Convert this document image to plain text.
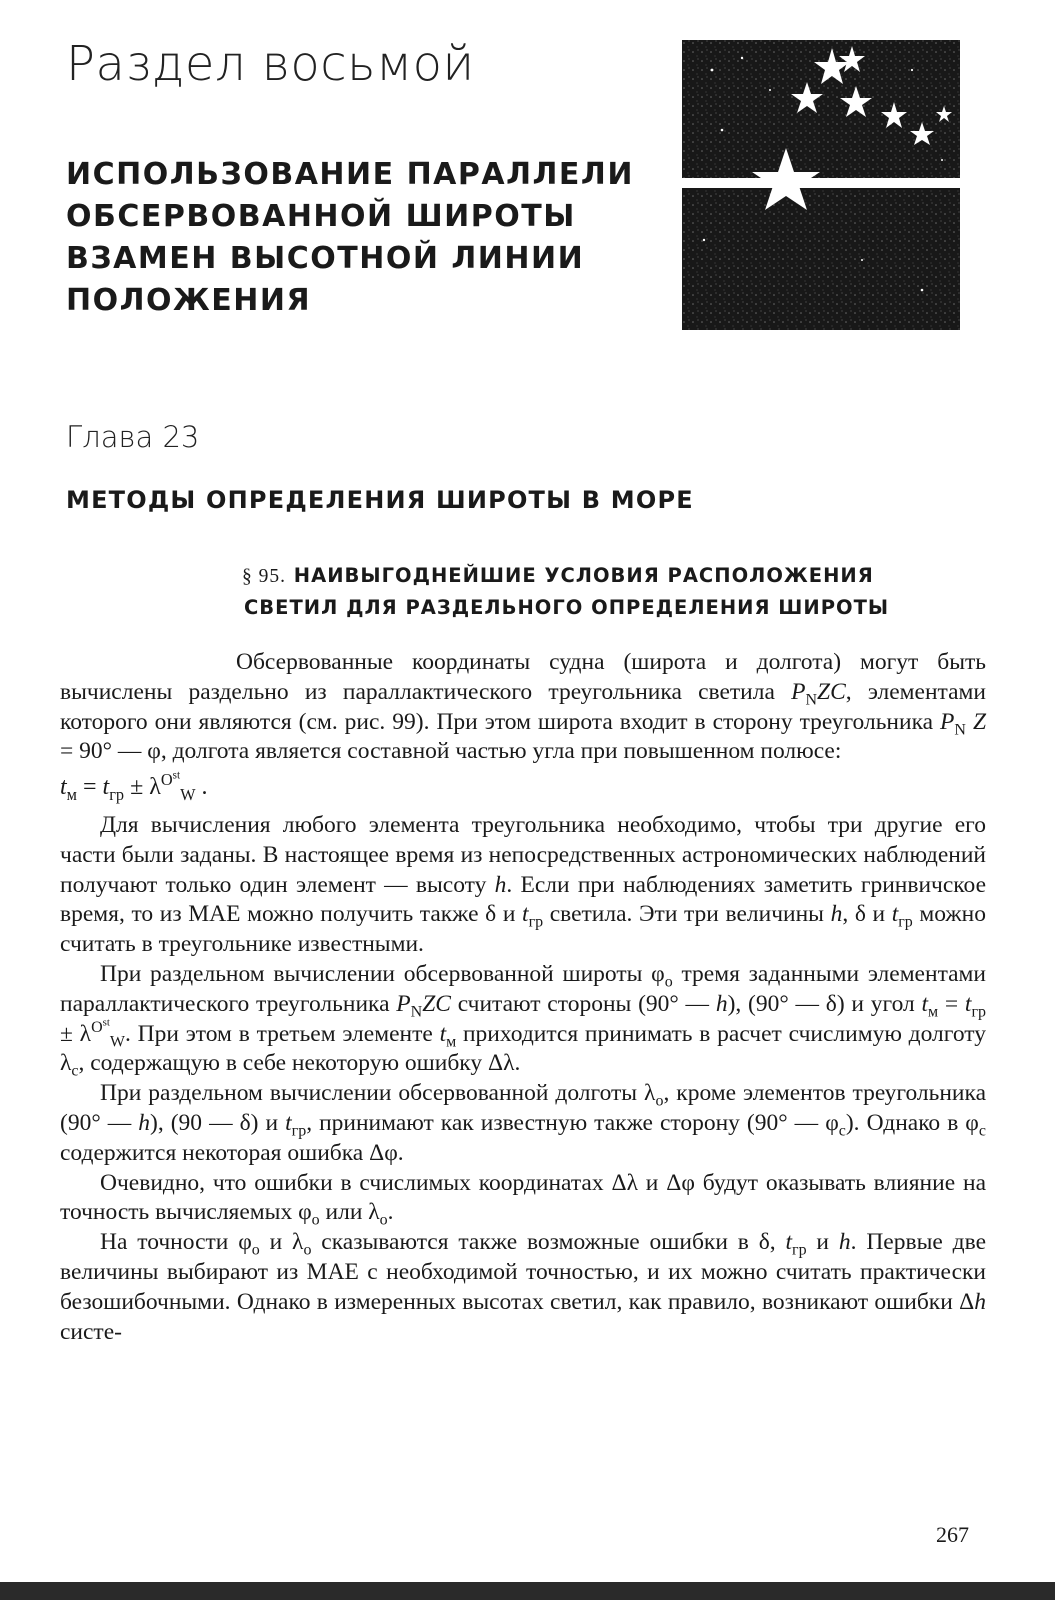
Раздел восьмой
ИСПОЛЬЗОВАНИЕ ПАРАЛЛЕЛИ
ОБСЕРВОВАННОЙ ШИРОТЫ
ВЗАМЕН ВЫСОТНОЙ ЛИНИИ
ПОЛОЖЕНИЯ
Глава 23
МЕТОДЫ ОПРЕДЕЛЕНИЯ ШИРОТЫ В МОРЕ
§ 95. НАИВЫГОДНЕЙШИЕ УСЛОВИЯ РАСПОЛОЖЕНИЯ
СВЕТИЛ ДЛЯ РАЗДЕЛЬНОГО ОПРЕДЕЛЕНИЯ ШИРОТЫ

Обсервованные координаты судна (широта и долгота) могут быть вычислены раздельно из параллактического треугольника светила $P_NZC$, элементами которого они являются (см. рис. 99). При этом широта входит в сторону треугольника $P_N$ Z = 90° — φ, долгота является составной частью угла при повышенном полюсе:

$t_м = t_{гр} \pm \lambda^{O^{st}}_W$ .

Для вычисления любого элемента треугольника необходимо, чтобы три другие его части были заданы. В настоящее время из непосредственных астрономических наблюдений получают только один элемент — высоту h. Если при наблюдениях заметить гринвичское время, то из МАЕ можно получить также δ и $t_{гр}$ светила. Эти три величины h, δ и $t_{гр}$ можно считать в треугольнике известными.

При раздельном вычислении обсервованной широты $\varphi_о$ тремя заданными элементами параллактического треугольника $P_NZC$ считают стороны (90° — h), (90° — δ) и угол $t_м = t_{гр} \pm \lambda^{O^{st}}_W$. При этом в третьем элементе $t_м$ приходится принимать в расчет счислимую долготу $\lambda_с$, содержащую в себе некоторую ошибку Δλ.

При раздельном вычислении обсервованной долготы $\lambda_о$, кроме элементов треугольника (90° — h), (90 — δ) и $t_{гр}$, принимают как известную также сторону (90° — $\varphi_с$). Однако в $\varphi_с$ содержится некоторая ошибка Δφ.

Очевидно, что ошибки в счислимых координатах Δλ и Δφ будут оказывать влияние на точность вычисляемых $\varphi_о$ или $\lambda_о$.

На точности $\varphi_о$ и $\lambda_о$ сказываются также возможные ошибки в δ, $t_{гр}$ и h. Первые две величины выбирают из МАЕ с необходимой точностью, и их можно считать практически безошибочными. Однако в измеренных высотах светил, как правило, возникают ошибки Δh систе-

267
